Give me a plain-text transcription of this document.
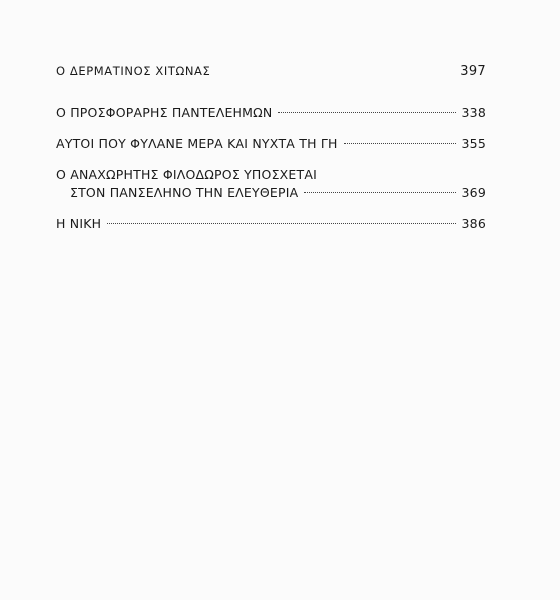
Ο ΔΕΡΜΑΤΙΝΟΣ ΧΙΤΩΝΑΣ	397
Ο ΠΡΟΣΦΟΡΑΡΗΣ ΠΑΝΤΕΛΕΗΜΩΝ	338
ΑΥΤΟΙ ΠΟΥ ΦΥΛΑΝΕ ΜΕΡΑ ΚΑΙ ΝΥΧΤΑ ΤΗ ΓΗ	355
Ο ΑΝΑΧΩΡΗΤΗΣ ΦΙΛΟΔΩΡΟΣ ΥΠΟΣΧΕΤΑΙ
ΣΤΟΝ ΠΑΝΣΕΛΗΝΟ ΤΗΝ ΕΛΕΥΘΕΡΙΑ	369
Η ΝΙΚΗ	386
